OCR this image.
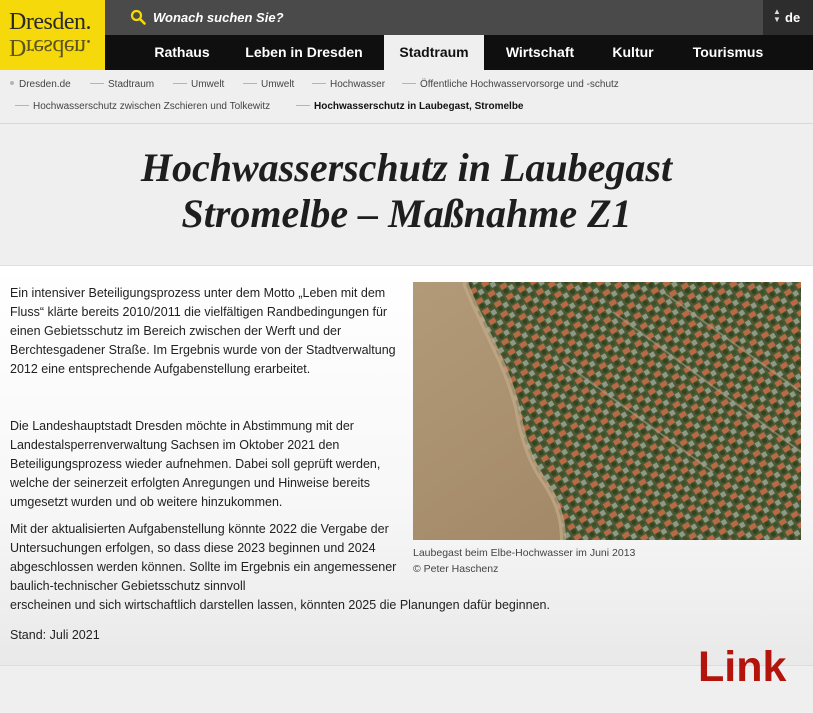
Dresden.
Dresden.
Wonach suchen Sie?	▲
▼ de
Rathaus	Leben in Dresden	Stadtraum	Wirtschaft	Kultur	Tourismus
Dresden.de	Stadtraum	Umwelt	Umwelt	Hochwasser	Öffentliche Hochwasservorsorge und -schutz
Hochwasserschutz zwischen Zschieren und Tolkewitz	Hochwasserschutz in Laubegast, Stromelbe
Hochwasserschutz in Laubegast
Stromelbe – Maßnahme Z1

Ein intensiver Beteiligungsprozess unter dem Motto „Leben mit dem Fluss“ klärte bereits 2010/2011 die vielfältigen Randbedingungen für einen Gebietsschutz im Bereich zwischen der Werft und der Berchtesgadener Straße. Im Ergebnis wurde von der Stadtverwaltung 2012 eine entsprechende Aufgabenstellung erarbeitet.

Die Landeshauptstadt Dresden möchte in Abstimmung mit der Landestalsperrenverwaltung Sachsen im Oktober 2021 den Beteiligungsprozess wieder aufnehmen. Dabei soll geprüft werden, welche der seinerzeit erfolgten Anregungen und Hinweise bereits umgesetzt wurden und ob weitere hinzukommen.

Mit der aktualisierten Aufgabenstellung könnte 2022 die Vergabe der Untersuchungen erfolgen, so dass diese 2023 beginnen und 2024 abgeschlossen werden können. Sollte im Ergebnis ein angemessener baulich-technischer Gebietsschutz sinnvoll

erscheinen und sich wirtschaftlich darstellen lassen, könnten 2025 die Planungen dafür beginnen.

Stand: Juli 2021

Laubegast beim Elbe-Hochwasser im Juni 2013
© Peter Haschenz
Link
